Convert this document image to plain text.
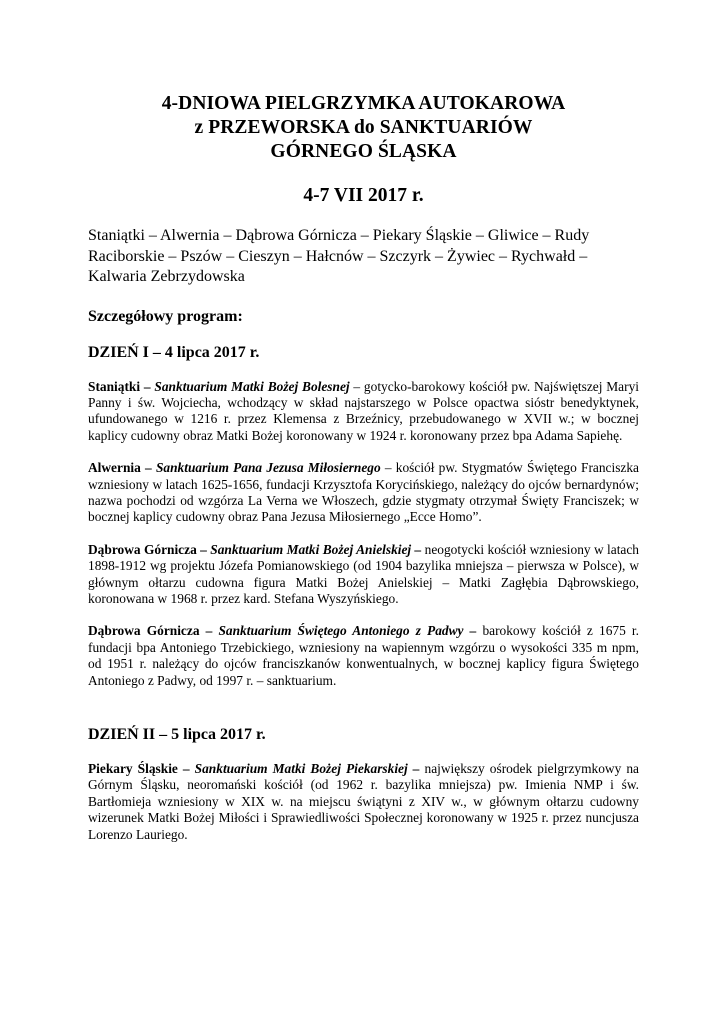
4-DNIOWA PIELGRZYMKA AUTOKAROWA
z PRZEWORSKA do SANKTUARIÓW
GÓRNEGO ŚLĄSKA
4-7 VII 2017 r.
Staniątki – Alwernia – Dąbrowa Górnicza – Piekary Śląskie – Gliwice – Rudy Raciborskie – Pszów – Cieszyn – Hałcnów – Szczyrk – Żywiec – Rychwałd – Kalwaria Zebrzydowska
Szczegółowy program:
DZIEŃ I – 4 lipca 2017 r.

Staniątki – Sanktuarium Matki Bożej Bolesnej – gotycko-barokowy kościół pw. Najświętszej Maryi Panny i św. Wojciecha, wchodzący w skład najstarszego w Polsce opactwa sióstr benedyktynek, ufundowanego w 1216 r. przez Klemensa z Brzeźnicy, przebudowanego w XVII w.; w bocznej kaplicy cudowny obraz Matki Bożej koronowany w 1924 r. koronowany przez bpa Adama Sapiehę.

Alwernia – Sanktuarium Pana Jezusa Miłosiernego – kościół pw. Stygmatów Świętego Franciszka wzniesiony w latach 1625-1656, fundacji Krzysztofa Korycińskiego, należący do ojców bernardynów; nazwa pochodzi od wzgórza La Verna we Włoszech, gdzie stygmaty otrzymał Święty Franciszek; w bocznej kaplicy cudowny obraz Pana Jezusa Miłosiernego „Ecce Homo”.

Dąbrowa Górnicza – Sanktuarium Matki Bożej Anielskiej – neogotycki kościół wzniesiony w latach 1898-1912 wg projektu Józefa Pomianowskiego (od 1904 bazylika mniejsza – pierwsza w Polsce), w głównym ołtarzu cudowna figura Matki Bożej Anielskiej – Matki Zagłębia Dąbrowskiego, koronowana w 1968 r. przez kard. Stefana Wyszyńskiego.

Dąbrowa Górnicza – Sanktuarium Świętego Antoniego z Padwy – barokowy kościół z 1675 r. fundacji bpa Antoniego Trzebickiego, wzniesiony na wapiennym wzgórzu o wysokości 335 m npm, od 1951 r. należący do ojców franciszkanów konwentualnych, w bocznej kaplicy figura Świętego Antoniego z Padwy, od 1997 r. – sanktuarium.

DZIEŃ II – 5 lipca 2017 r.

Piekary Śląskie – Sanktuarium Matki Bożej Piekarskiej – największy ośrodek pielgrzymkowy na Górnym Śląsku, neoromański kościół (od 1962 r. bazylika mniejsza) pw. Imienia NMP i św. Bartłomieja wzniesiony w XIX w. na miejscu świątyni z XIV w., w głównym ołtarzu cudowny wizerunek Matki Bożej Miłości i Sprawiedliwości Społecznej koronowany w 1925 r. przez nuncjusza Lorenzo Lauriego.
